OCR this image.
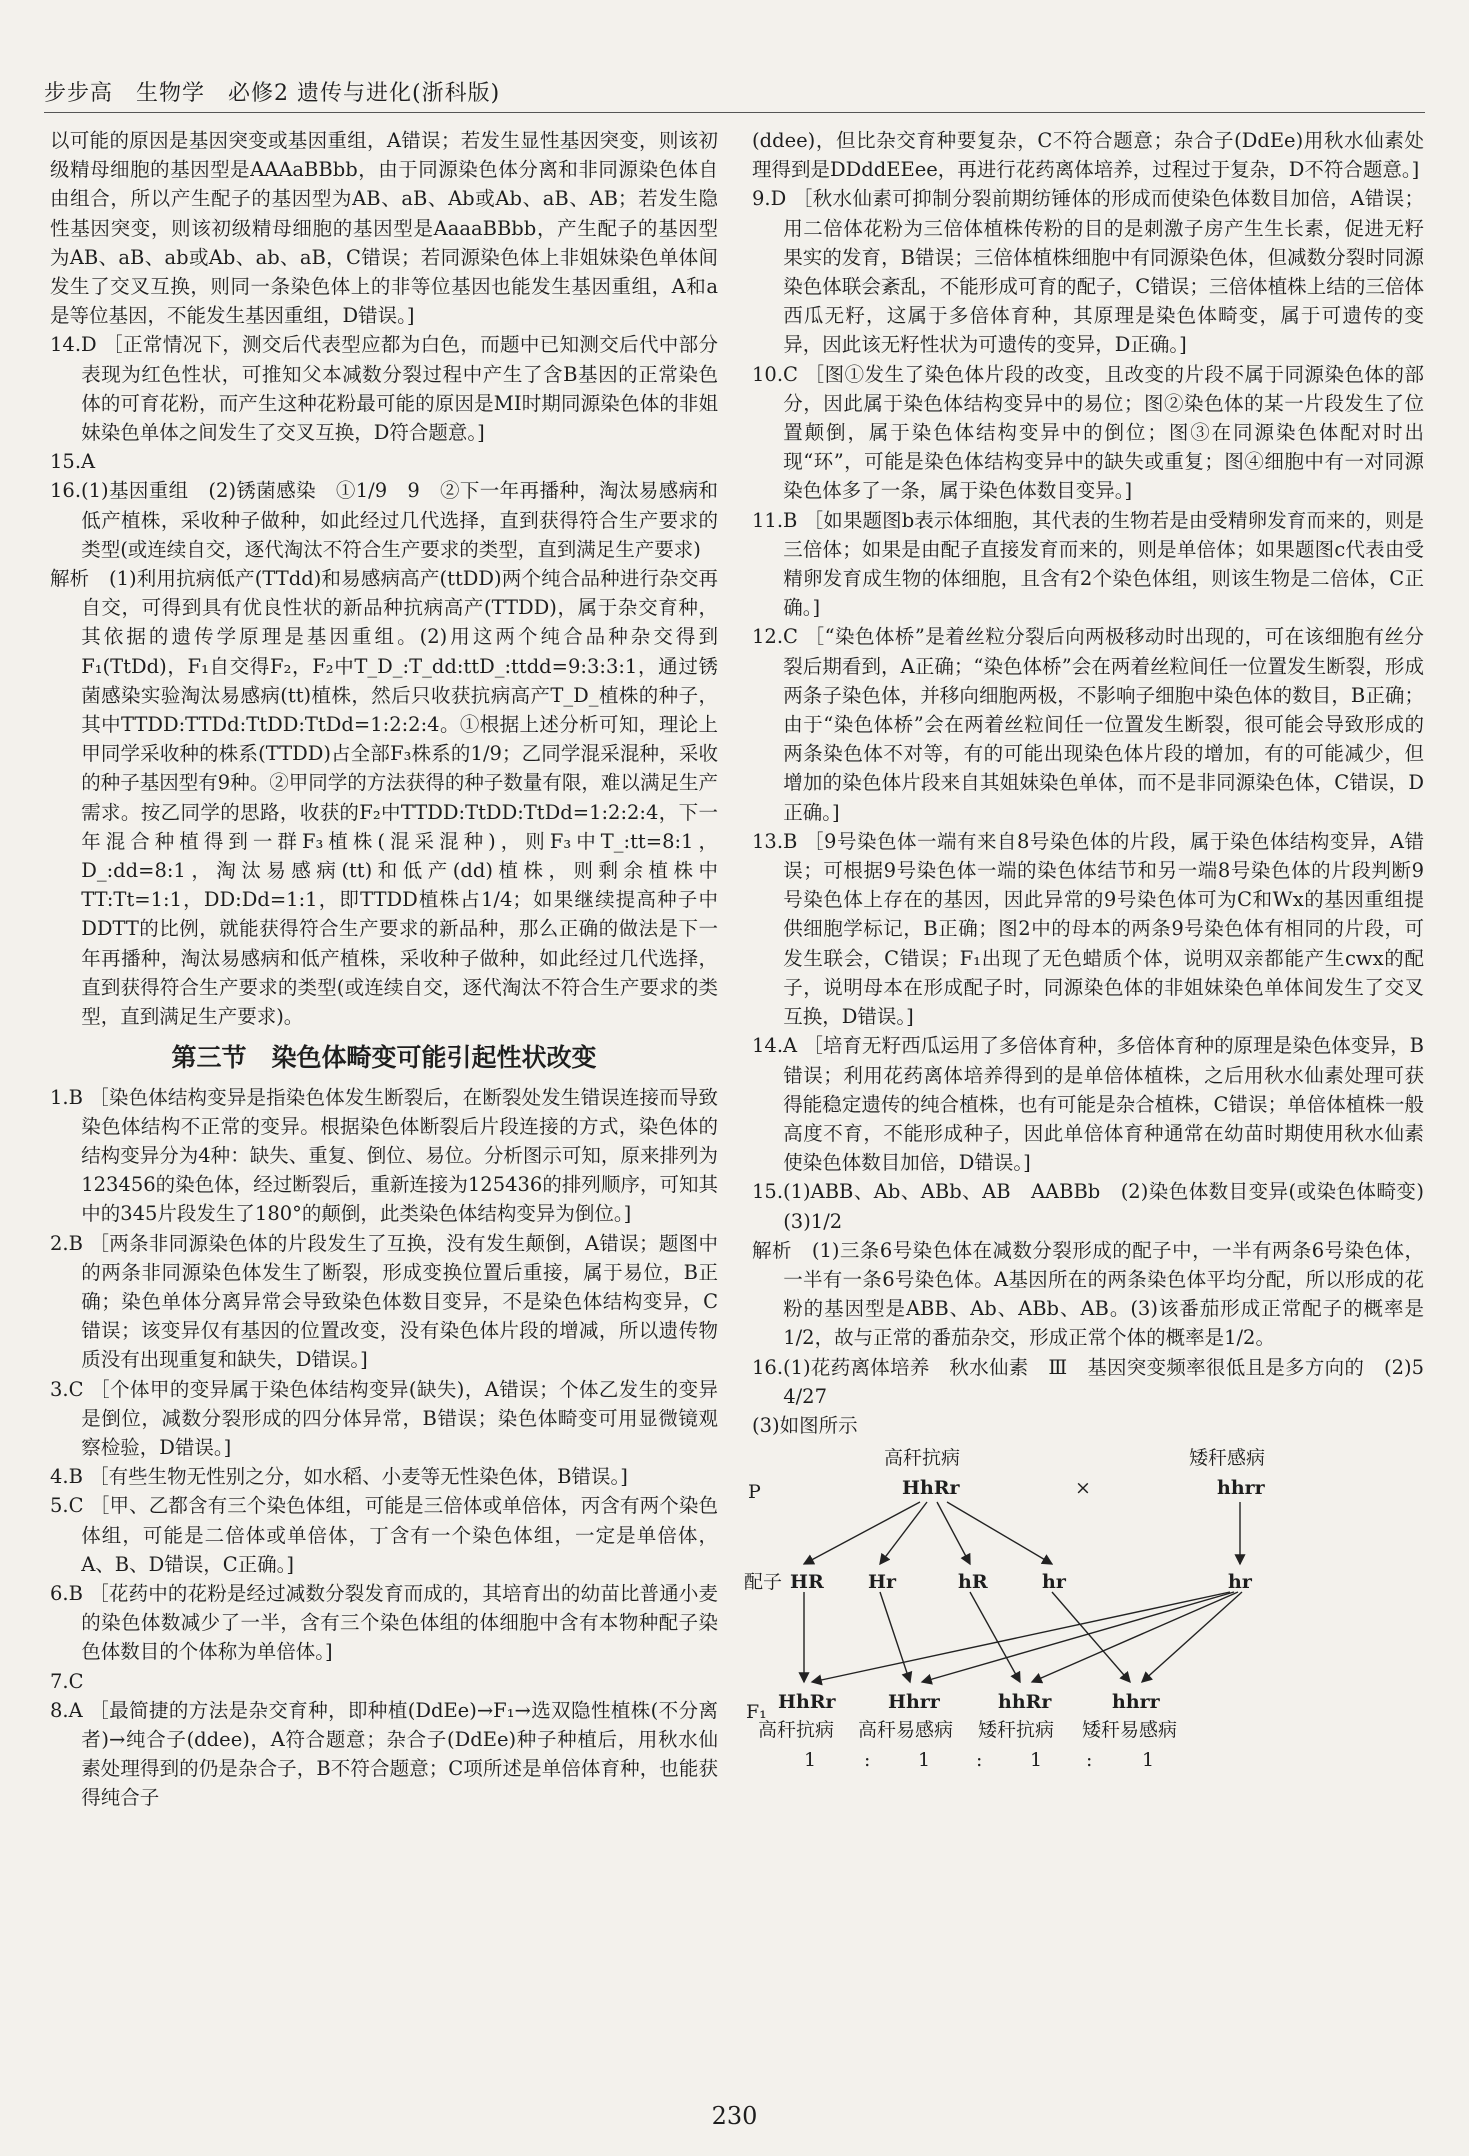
步步高　生物学　必修2 遗传与进化(浙科版)

以可能的原因是基因突变或基因重组，A错误；若发生显性基因突变，则该初级精母细胞的基因型是AAAaBBbb，由于同源染色体分离和非同源染色体自由组合，所以产生配子的基因型为AB、aB、Ab或Ab、aB、AB；若发生隐性基因突变，则该初级精母细胞的基因型是AaaaBBbb，产生配子的基因型为AB、aB、ab或Ab、ab、aB，C错误；若同源染色体上非姐妹染色单体间发生了交叉互换，则同一条染色体上的非等位基因也能发生基因重组，A和a是等位基因，不能发生基因重组，D错误。]

14.D ［正常情况下，测交后代表型应都为白色，而题中已知测交后代中部分表现为红色性状，可推知父本减数分裂过程中产生了含B基因的正常染色体的可育花粉，而产生这种花粉最可能的原因是MⅠ时期同源染色体的非姐妹染色单体之间发生了交叉互换，D符合题意。]

15.A

16.(1)基因重组　(2)锈菌感染　①1/9　9　②下一年再播种，淘汰易感病和低产植株，采收种子做种，如此经过几代选择，直到获得符合生产要求的类型(或连续自交，逐代淘汰不符合生产要求的类型，直到满足生产要求)

解析　(1)利用抗病低产(TTdd)和易感病高产(ttDD)两个纯合品种进行杂交再自交，可得到具有优良性状的新品种抗病高产(TTDD)，属于杂交育种，其依据的遗传学原理是基因重组。(2)用这两个纯合品种杂交得到F₁(TtDd)，F₁自交得F₂，F₂中T_D_:T_dd:ttD_:ttdd=9:3:3:1，通过锈菌感染实验淘汰易感病(tt)植株，然后只收获抗病高产T_D_植株的种子，其中TTDD:TTDd:TtDD:TtDd=1:2:2:4。①根据上述分析可知，理论上甲同学采收种的株系(TTDD)占全部F₃株系的1/9；乙同学混采混种，采收的种子基因型有9种。②甲同学的方法获得的种子数量有限，难以满足生产需求。按乙同学的思路，收获的F₂中TTDD:TtDD:TtDd=1:2:2:4，下一年混合种植得到一群F₃植株(混采混种)，则F₃中T_:tt=8:1，D_:dd=8:1，淘汰易感病(tt)和低产(dd)植株，则剩余植株中TT:Tt=1:1，DD:Dd=1:1，即TTDD植株占1/4；如果继续提高种子中DDTT的比例，就能获得符合生产要求的新品种，那么正确的做法是下一年再播种，淘汰易感病和低产植株，采收种子做种，如此经过几代选择，直到获得符合生产要求的类型(或连续自交，逐代淘汰不符合生产要求的类型，直到满足生产要求)。

第三节　染色体畸变可能引起性状改变

1.B ［染色体结构变异是指染色体发生断裂后，在断裂处发生错误连接而导致染色体结构不正常的变异。根据染色体断裂后片段连接的方式，染色体的结构变异分为4种：缺失、重复、倒位、易位。分析图示可知，原来排列为123456的染色体，经过断裂后，重新连接为125436的排列顺序，可知其中的345片段发生了180°的颠倒，此类染色体结构变异为倒位。]

2.B ［两条非同源染色体的片段发生了互换，没有发生颠倒，A错误；题图中的两条非同源染色体发生了断裂，形成变换位置后重接，属于易位，B正确；染色单体分离异常会导致染色体数目变异，不是染色体结构变异，C错误；该变异仅有基因的位置改变，没有染色体片段的增减，所以遗传物质没有出现重复和缺失，D错误。]

3.C ［个体甲的变异属于染色体结构变异(缺失)，A错误；个体乙发生的变异是倒位，减数分裂形成的四分体异常，B错误；染色体畸变可用显微镜观察检验，D错误。]

4.B ［有些生物无性别之分，如水稻、小麦等无性染色体，B错误。]

5.C ［甲、乙都含有三个染色体组，可能是三倍体或单倍体，丙含有两个染色体组，可能是二倍体或单倍体，丁含有一个染色体组，一定是单倍体，A、B、D错误，C正确。]

6.B ［花药中的花粉是经过减数分裂发育而成的，其培育出的幼苗比普通小麦的染色体数减少了一半，含有三个染色体组的体细胞中含有本物种配子染色体数目的个体称为单倍体。]

7.C

8.A ［最简捷的方法是杂交育种，即种植(DdEe)→F₁→选双隐性植株(不分离者)→纯合子(ddee)，A符合题意；杂合子(DdEe)种子种植后，用秋水仙素处理得到的仍是杂合子，B不符合题意；C项所述是单倍体育种，也能获得纯合子

(ddee)，但比杂交育种要复杂，C不符合题意；杂合子(DdEe)用秋水仙素处理得到是DDddEEee，再进行花药离体培养，过程过于复杂，D不符合题意。]

9.D ［秋水仙素可抑制分裂前期纺锤体的形成而使染色体数目加倍，A错误；用二倍体花粉为三倍体植株传粉的目的是刺激子房产生生长素，促进无籽果实的发育，B错误；三倍体植株细胞中有同源染色体，但减数分裂时同源染色体联会紊乱，不能形成可育的配子，C错误；三倍体植株上结的三倍体西瓜无籽，这属于多倍体育种，其原理是染色体畸变，属于可遗传的变异，因此该无籽性状为可遗传的变异，D正确。]

10.C ［图①发生了染色体片段的改变，且改变的片段不属于同源染色体的部分，因此属于染色体结构变异中的易位；图②染色体的某一片段发生了位置颠倒，属于染色体结构变异中的倒位；图③在同源染色体配对时出现“环”，可能是染色体结构变异中的缺失或重复；图④细胞中有一对同源染色体多了一条，属于染色体数目变异。]

11.B ［如果题图b表示体细胞，其代表的生物若是由受精卵发育而来的，则是三倍体；如果是由配子直接发育而来的，则是单倍体；如果题图c代表由受精卵发育成生物的体细胞，且含有2个染色体组，则该生物是二倍体，C正确。]

12.C ［“染色体桥”是着丝粒分裂后向两极移动时出现的，可在该细胞有丝分裂后期看到，A正确；“染色体桥”会在两着丝粒间任一位置发生断裂，形成两条子染色体，并移向细胞两极，不影响子细胞中染色体的数目，B正确；由于“染色体桥”会在两着丝粒间任一位置发生断裂，很可能会导致形成的两条染色体不对等，有的可能出现染色体片段的增加，有的可能减少，但增加的染色体片段来自其姐妹染色单体，而不是非同源染色体，C错误，D正确。]

13.B ［9号染色体一端有来自8号染色体的片段，属于染色体结构变异，A错误；可根据9号染色体一端的染色体结节和另一端8号染色体的片段判断9号染色体上存在的基因，因此异常的9号染色体可为C和Wx的基因重组提供细胞学标记，B正确；图2中的母本的两条9号染色体有相同的片段，可发生联会，C错误；F₁出现了无色蜡质个体，说明双亲都能产生cwx的配子，说明母本在形成配子时，同源染色体的非姐妹染色单体间发生了交叉互换，D错误。]

14.A ［培育无籽西瓜运用了多倍体育种，多倍体育种的原理是染色体变异，B错误；利用花药离体培养得到的是单倍体植株，之后用秋水仙素处理可获得能稳定遗传的纯合植株，也有可能是杂合植株，C错误；单倍体植株一般高度不育，不能形成种子，因此单倍体育种通常在幼苗时期使用秋水仙素使染色体数目加倍，D错误。]

15.(1)ABB、Ab、ABb、AB　AABBb　(2)染色体数目变异(或染色体畸变)　(3)1/2

解析　(1)三条6号染色体在减数分裂形成的配子中，一半有两条6号染色体，一半有一条6号染色体。A基因所在的两条染色体平均分配，所以形成的花粉的基因型是ABB、Ab、ABb、AB。(3)该番茄形成正常配子的概率是1/2，故与正常的番茄杂交，形成正常个体的概率是1/2。

16.(1)花药离体培养　秋水仙素　Ⅲ　基因突变频率很低且是多方向的　(2)5　4/27

(3)如图所示

高秆抗病	矮秆感病
P	HhRr	×	hhrr
配子 HR Hr	hR	hr	hr
F₁ HhRr	Hhrr	hhRr	hhrr
高秆抗病 高秆易感病 矮秆抗病 矮秆易感病
1	:	1 :	1 :	1
230
